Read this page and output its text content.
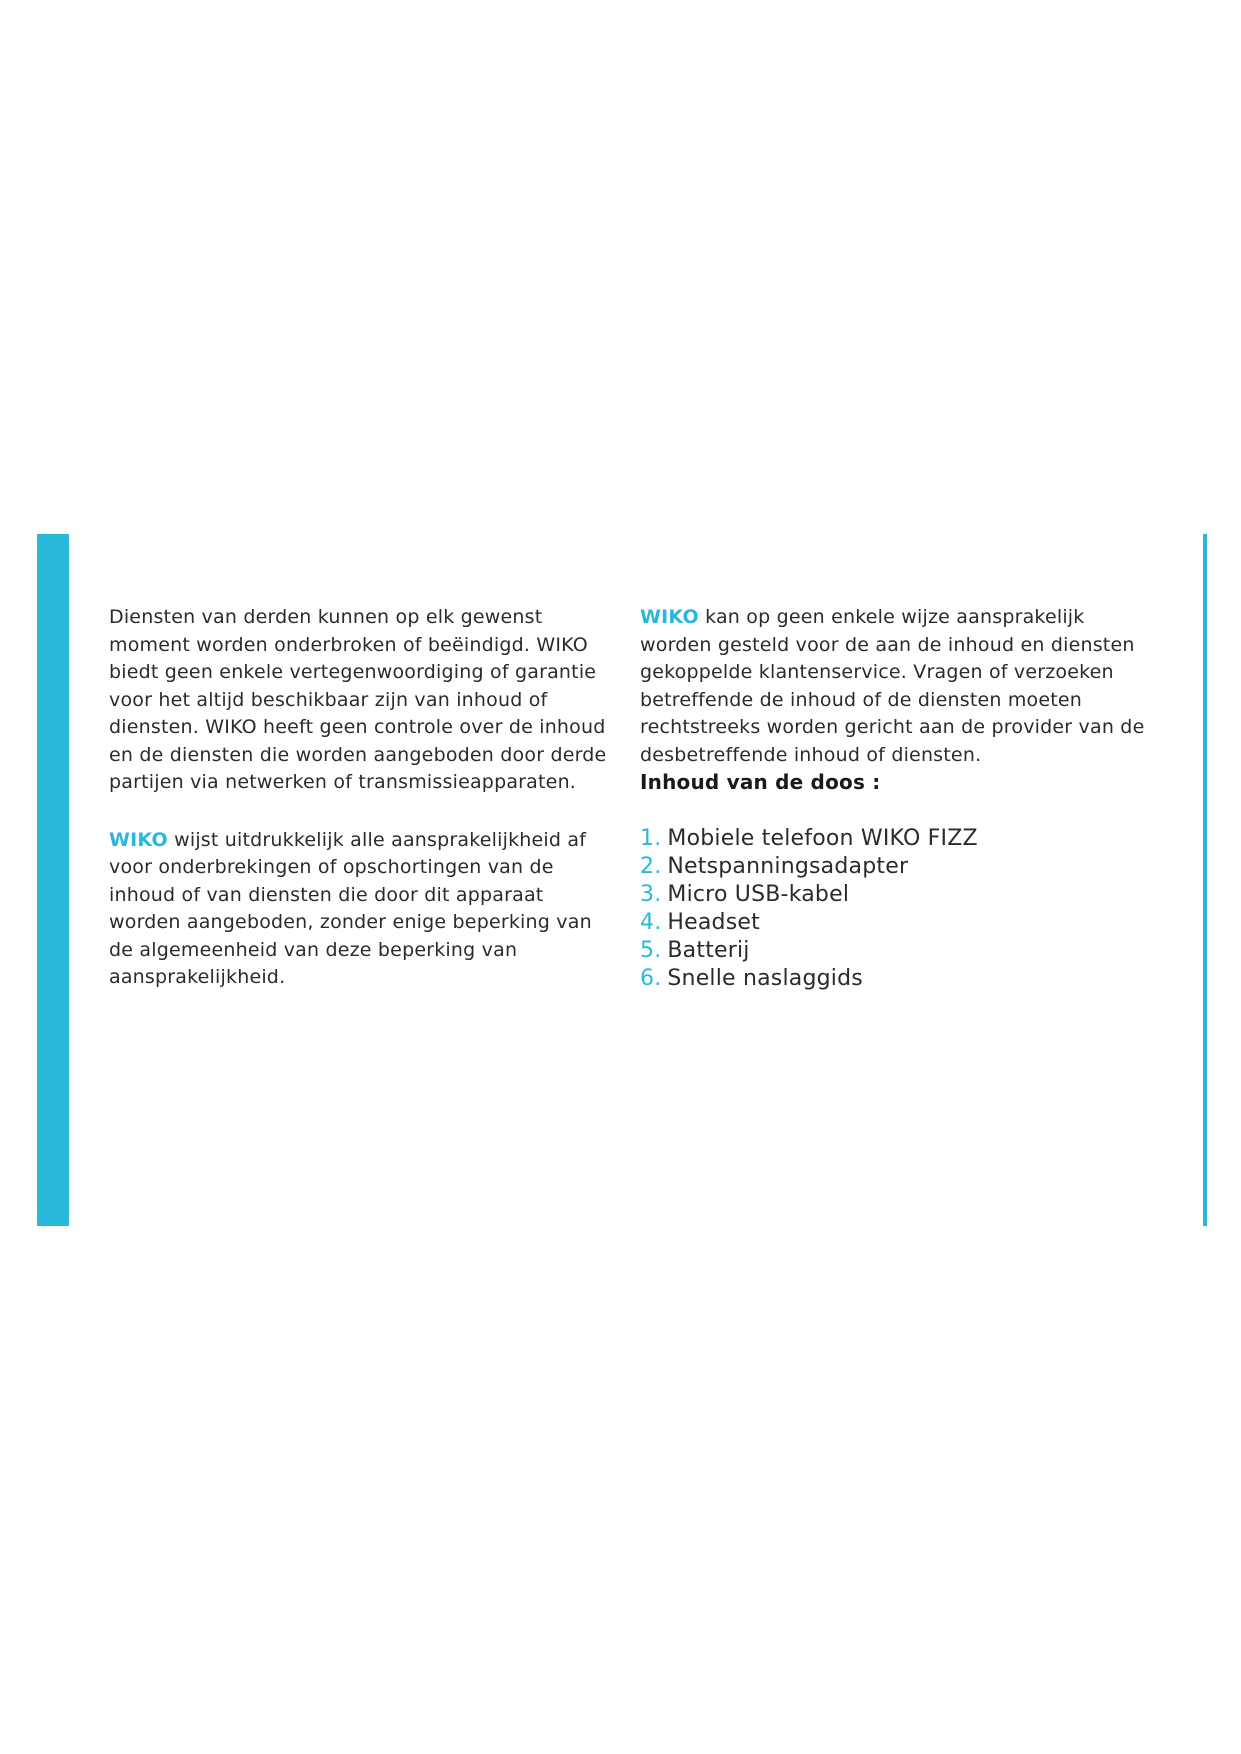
Diensten van derden kunnen op elk gewenst moment worden onderbroken of beëindigd. WIKO biedt geen enkele vertegenwoordiging of garantie voor het altijd beschikbaar zijn van inhoud of diensten. WIKO heeft geen controle over de inhoud en de diensten die worden aangeboden door derde partijen via netwerken of transmissieapparaten.

WIKO wijst uitdrukkelijk alle aansprakelijkheid af voor onderbrekingen of opschortingen van de inhoud of van diensten die door dit apparaat worden aangeboden, zonder enige beperking van de algemeenheid van deze beperking van aansprakelijkheid.

WIKO kan op geen enkele wijze aansprakelijk worden gesteld voor de aan de inhoud en diensten gekoppelde klantenservice. Vragen of verzoeken betreffende de inhoud of de diensten moeten rechtstreeks worden gericht aan de provider van de desbetreffende inhoud of diensten.

Inhoud van de doos :
1. Mobiele telefoon WIKO FIZZ
2. Netspanningsadapter
3. Micro USB-kabel
4. Headset
5. Batterij
6. Snelle naslaggids
